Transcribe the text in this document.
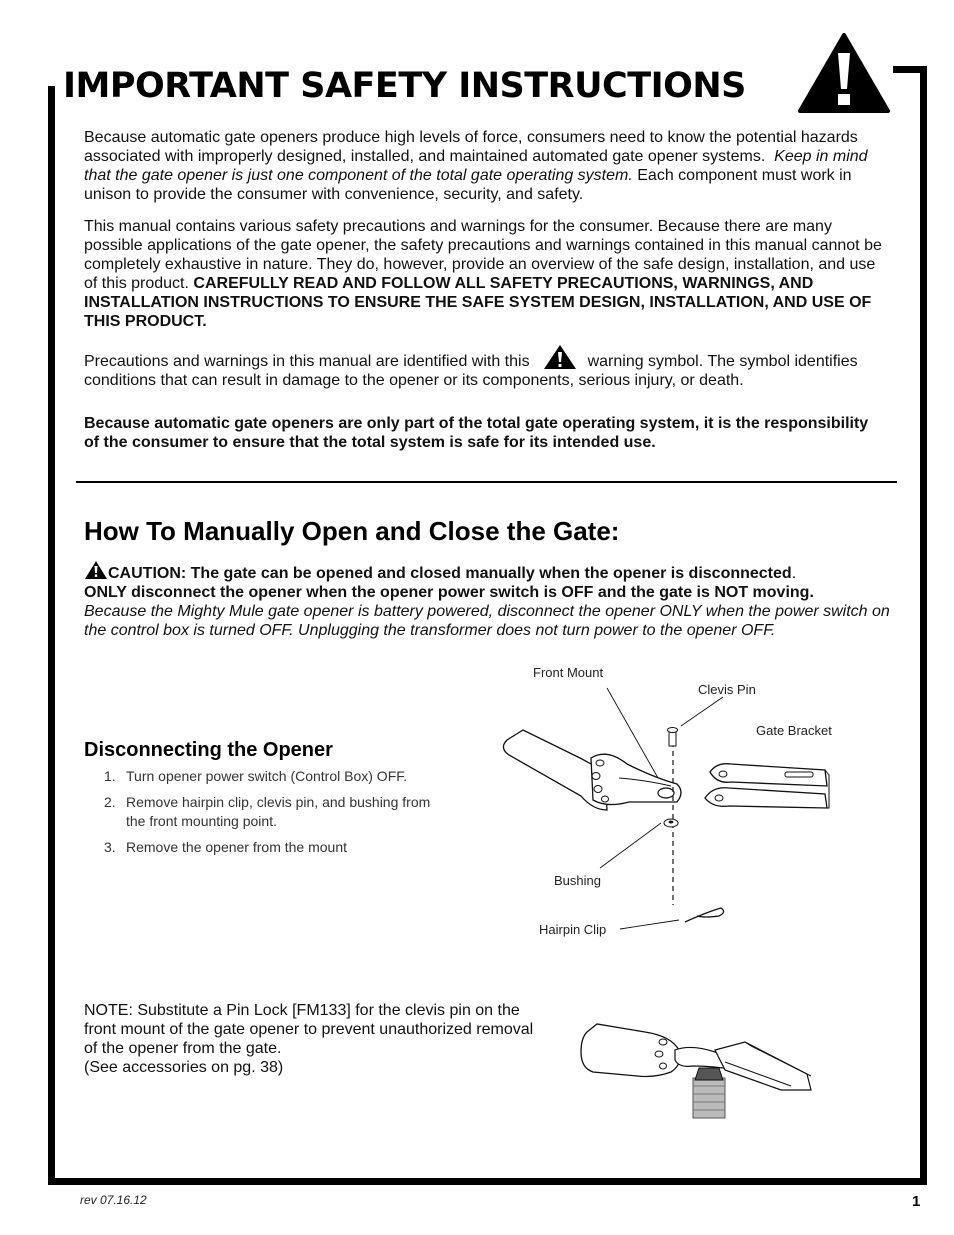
IMPORTANT SAFETY INSTRUCTIONS

Because automatic gate openers produce high levels of force, consumers need to know the potential hazards associated with improperly designed, installed, and maintained automated gate opener systems. Keep in mind that the gate opener is just one component of the total gate operating system. Each component must work in unison to provide the consumer with convenience, security, and safety.

This manual contains various safety precautions and warnings for the consumer. Because there are many possible applications of the gate opener, the safety precautions and warnings contained in this manual cannot be completely exhaustive in nature. They do, however, provide an overview of the safe design, installation, and use of this product. CAREFULLY READ AND FOLLOW ALL SAFETY PRECAUTIONS, WARNINGS, AND INSTALLATION INSTRUCTIONS TO ENSURE THE SAFE SYSTEM DESIGN, INSTALLATION, AND USE OF THIS PRODUCT.

Precautions and warnings in this manual are identified with this	warning symbol. The symbol identifies conditions that can result in damage to the opener or its components, serious injury, or death.

Because automatic gate openers are only part of the total gate operating system, it is the responsibility of the consumer to ensure that the total system is safe for its intended use.

How To Manually Open and Close the Gate:

CAUTION: The gate can be opened and closed manually when the opener is disconnected.
ONLY disconnect the opener when the opener power switch is OFF and the gate is NOT moving.
Because the Mighty Mule gate opener is battery powered, disconnect the opener ONLY when the power switch on the control box is turned OFF. Unplugging the transformer does not turn power to the opener OFF.

Disconnecting the Opener
1. Turn opener power switch (Control Box) OFF.
2. Remove hairpin clip, clevis pin, and bushing from the front mounting point.
3. Remove the opener from the mount
Front Mount
Clevis Pin
Gate Bracket
Bushing
Hairpin Clip

NOTE: Substitute a Pin Lock [FM133] for the clevis pin on the front mount of the gate opener to prevent unauthorized removal of the opener from the gate.
(See accessories on pg. 38)

rev 07.16.12	1
